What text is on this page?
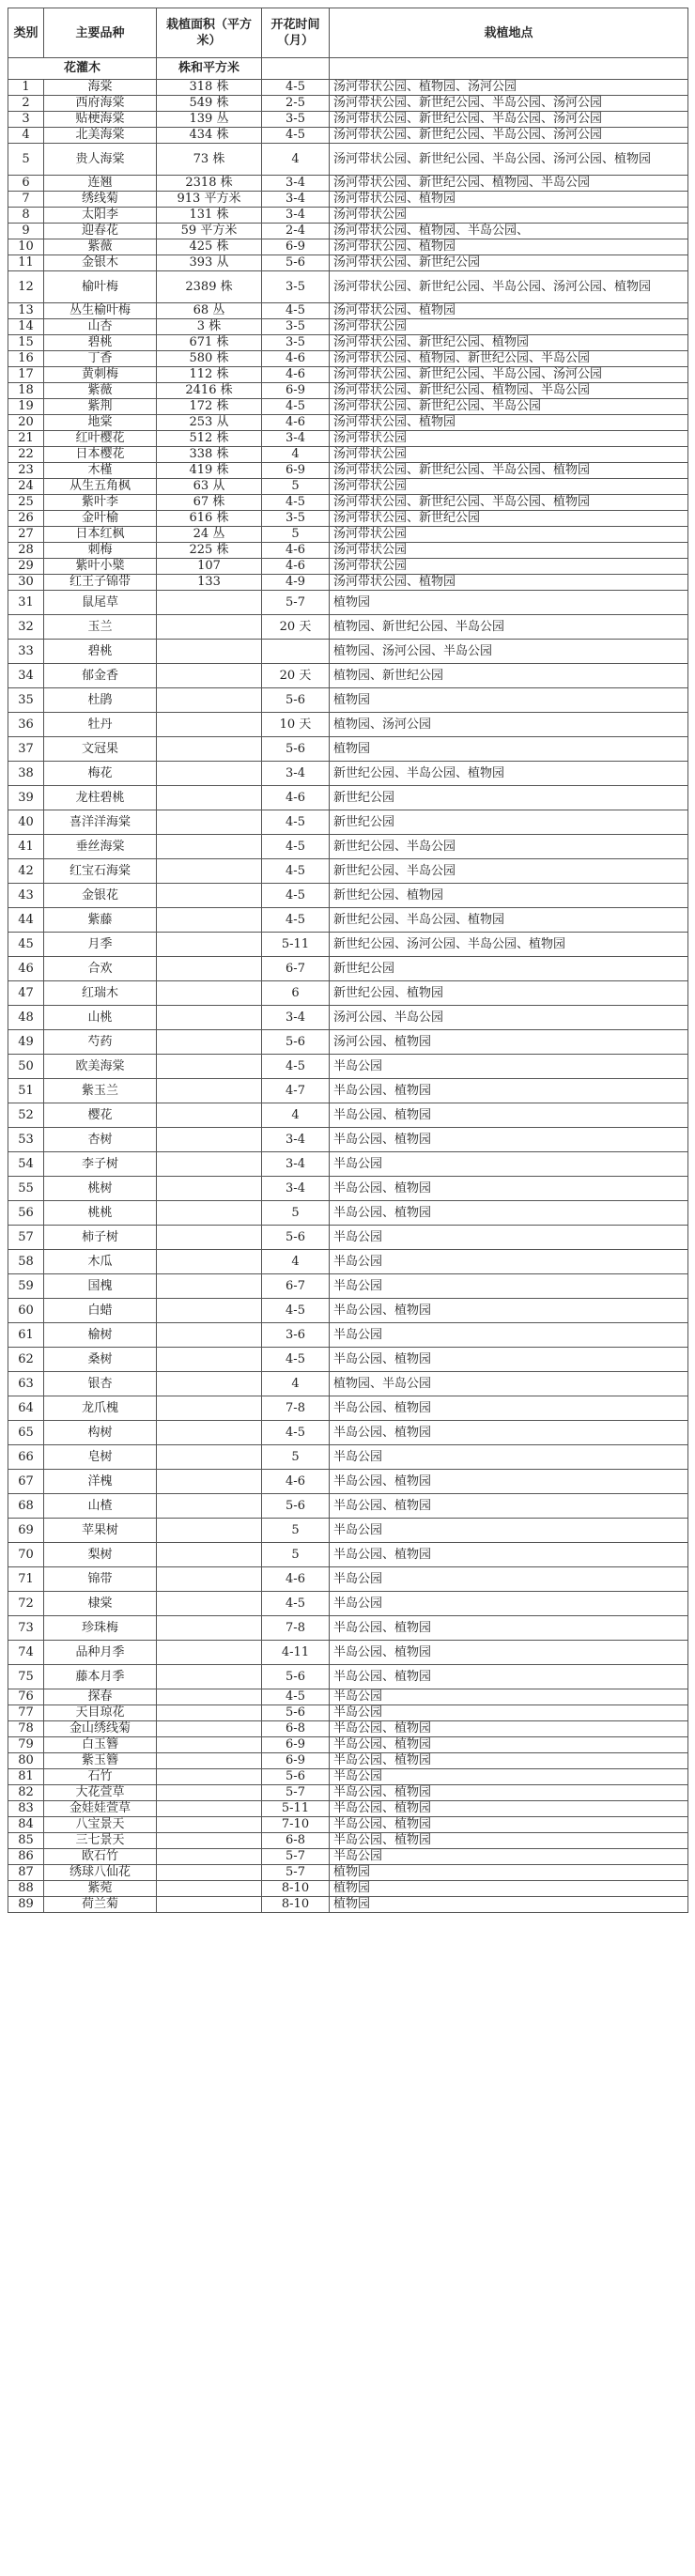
类别	主要品种	栽植面积（平方米）	开花时间（月）	栽植地点
花灌木		株和平方米		
1	海棠	318 株	4-5	汤河带状公园、植物园、汤河公园
2	西府海棠	549 株	2-5	汤河带状公园、新世纪公园、半岛公园、汤河公园
3	贴梗海棠	139 丛	3-5	汤河带状公园、新世纪公园、半岛公园、汤河公园
4	北美海棠	434 株	4-5	汤河带状公园、新世纪公园、半岛公园、汤河公园
5	贵人海棠	73 株	4	汤河带状公园、新世纪公园、半岛公园、汤河公园、植物园
6	连翘	2318 株	3-4	汤河带状公园、新世纪公园、植物园、半岛公园
7	绣线菊	913 平方米	3-4	汤河带状公园、植物园
8	太阳李	131 株	3-4	汤河带状公园
9	迎春花	59 平方米	2-4	汤河带状公园、植物园、半岛公园、
10	紫薇	425 株	6-9	汤河带状公园、植物园
11	金银木	393 从	5-6	汤河带状公园、新世纪公园
12	榆叶梅	2389 株	3-5	汤河带状公园、新世纪公园、半岛公园、汤河公园、植物园
13	丛生榆叶梅	68 丛	4-5	汤河带状公园、植物园
14	山杏	3 株	3-5	汤河带状公园
15	碧桃	671 株	3-5	汤河带状公园、新世纪公园、植物园
16	丁香	580 株	4-6	汤河带状公园、植物园、新世纪公园、半岛公园
17	黄刺梅	112 株	4-6	汤河带状公园、新世纪公园、半岛公园、汤河公园
18	紫薇	2416 株	6-9	汤河带状公园、新世纪公园、植物园、半岛公园
19	紫荆	172 株	4-5	汤河带状公园、新世纪公园、半岛公园
20	地棠	253 从	4-6	汤河带状公园、植物园
21	红叶樱花	512 株	3-4	汤河带状公园
22	日本樱花	338 株	4	汤河带状公园
23	木槿	419 株	6-9	汤河带状公园、新世纪公园、半岛公园、植物园
24	从生五角枫	63 从	5	汤河带状公园
25	紫叶李	67 株	4-5	汤河带状公园、新世纪公园、半岛公园、植物园
26	金叶榆	616 株	3-5	汤河带状公园、新世纪公园
27	日本红枫	24 丛	5	汤河带状公园
28	刺梅	225 株	4-6	汤河带状公园
29	紫叶小檗	107	4-6	汤河带状公园
30	红王子锦带	133	4-9	汤河带状公园、植物园
31	鼠尾草		5-7	植物园
32	玉兰		20 天	植物园、新世纪公园、半岛公园
33	碧桃			植物园、汤河公园、半岛公园
34	郁金香		20 天	植物园、新世纪公园
35	杜鹃		5-6	植物园
36	牡丹		10 天	植物园、汤河公园
37	文冠果		5-6	植物园
38	梅花		3-4	新世纪公园、半岛公园、植物园
39	龙柱碧桃		4-6	新世纪公园
40	喜洋洋海棠		4-5	新世纪公园
41	垂丝海棠		4-5	新世纪公园、半岛公园
42	红宝石海棠		4-5	新世纪公园、半岛公园
43	金银花		4-5	新世纪公园、植物园
44	紫藤		4-5	新世纪公园、半岛公园、植物园
45	月季		5-11	新世纪公园、汤河公园、半岛公园、植物园
46	合欢		6-7	新世纪公园
47	红瑞木		6	新世纪公园、植物园
48	山桃		3-4	汤河公园、半岛公园
49	芍药		5-6	汤河公园、植物园
50	欧美海棠		4-5	半岛公园
51	紫玉兰		4-7	半岛公园、植物园
52	樱花		4	半岛公园、植物园
53	杏树		3-4	半岛公园、植物园
54	李子树		3-4	半岛公园
55	桃树		3-4	半岛公园、植物园
56	桃桃		5	半岛公园、植物园
57	柿子树		5-6	半岛公园
58	木瓜		4	半岛公园
59	国槐		6-7	半岛公园
60	白蜡		4-5	半岛公园、植物园
61	榆树		3-6	半岛公园
62	桑树		4-5	半岛公园、植物园
63	银杏		4	植物园、半岛公园
64	龙爪槐		7-8	半岛公园、植物园
65	构树		4-5	半岛公园、植物园
66	皂树		5	半岛公园
67	洋槐		4-6	半岛公园、植物园
68	山楂		5-6	半岛公园、植物园
69	苹果树		5	半岛公园
70	梨树		5	半岛公园、植物园
71	锦带		4-6	半岛公园
72	棣棠		4-5	半岛公园
73	珍珠梅		7-8	半岛公园、植物园
74	品种月季		4-11	半岛公园、植物园
75	藤本月季		5-6	半岛公园、植物园
76	探春		4-5	半岛公园
77	天目琼花		5-6	半岛公园
78	金山绣线菊		6-8	半岛公园、植物园
79	白玉簪		6-9	半岛公园、植物园
80	紫玉簪		6-9	半岛公园、植物园
81	石竹		5-6	半岛公园
82	大花萱草		5-7	半岛公园、植物园
83	金娃娃萱草		5-11	半岛公园、植物园
84	八宝景天		7-10	半岛公园、植物园
85	三七景天		6-8	半岛公园、植物园
86	欧石竹		5-7	半岛公园
87	绣球八仙花		5-7	植物园
88	紫菀		8-10	植物园
89	荷兰菊		8-10	植物园
